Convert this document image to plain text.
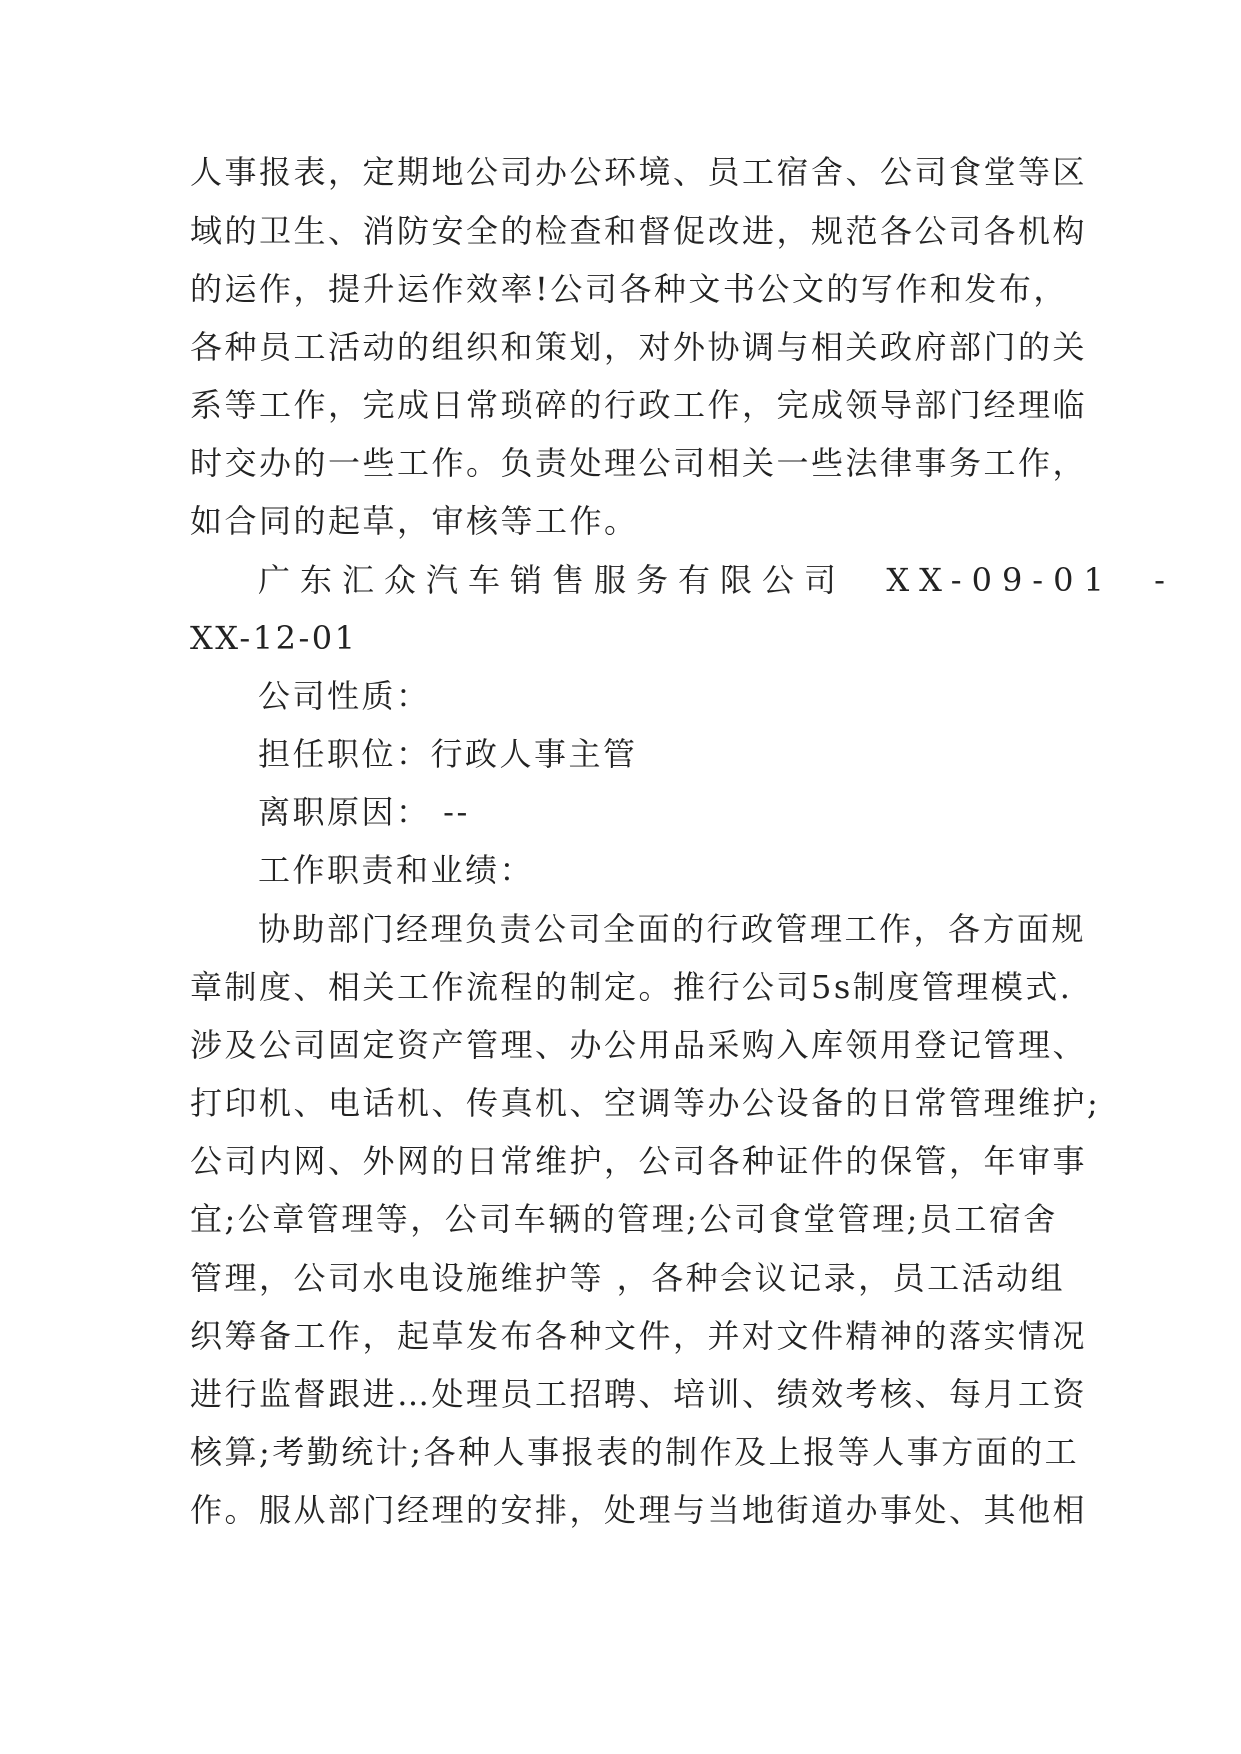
人事报表，定期地公司办公环境、员工宿舍、公司食堂等区
域的卫生、消防安全的检查和督促改进，规范各公司各机构
的运作，提升运作效率!公司各种文书公文的写作和发布，
各种员工活动的组织和策划，对外协调与相关政府部门的关
系等工作，完成日常琐碎的行政工作，完成领导部门经理临
时交办的一些工作。负责处理公司相关一些法律事务工作，
如合同的起草，审核等工作。
广东汇众汽车销售服务有限公司  XX-09-01  -
XX-12-01
公司性质：
担任职位：行政人事主管
离职原因： --
工作职责和业绩：
协助部门经理负责公司全面的行政管理工作，各方面规
章制度、相关工作流程的制定。推行公司5s制度管理模式.
涉及公司固定资产管理、办公用品采购入库领用登记管理、
打印机、电话机、传真机、空调等办公设备的日常管理维护;
公司内网、外网的日常维护，公司各种证件的保管，年审事
宜;公章管理等，公司车辆的管理;公司食堂管理;员工宿舍
管理，公司水电设施维护等 ，各种会议记录，员工活动组
织筹备工作，起草发布各种文件，并对文件精神的落实情况
进行监督跟进…处理员工招聘、培训、绩效考核、每月工资
核算;考勤统计;各种人事报表的制作及上报等人事方面的工
作。服从部门经理的安排，处理与当地街道办事处、其他相
